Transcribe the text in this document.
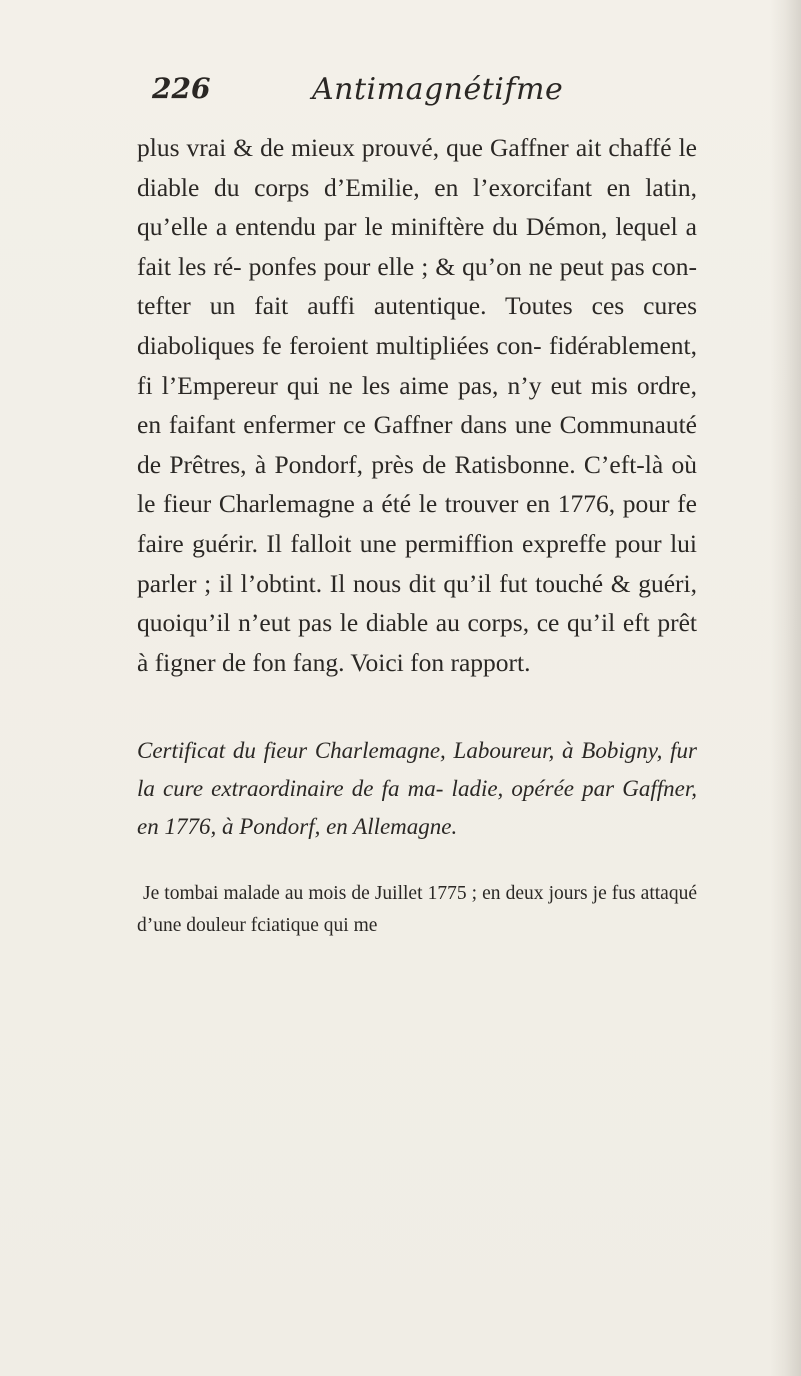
226	Antimagnétifme

plus vrai & de mieux prouvé, que Gaffner ait chaffé le diable du corps d’Emilie, en l’exorcifant en latin, qu’elle a entendu par le miniftère du Démon, lequel a fait les ré- ponfes pour elle ; & qu’on ne peut pas con- tefter un fait auffi autentique. Toutes ces cures diaboliques fe feroient multipliées con- fidérablement, fi l’Empereur qui ne les aime pas, n’y eut mis ordre, en faifant enfermer ce Gaffner dans une Communauté de Prêtres, à Pondorf, près de Ratisbonne. C’eft-là où le fieur Charlemagne a été le trouver en 1776, pour fe faire guérir. Il falloit une permiffion expreffe pour lui parler ; il l’obtint. Il nous dit qu’il fut touché & guéri, quoiqu’il n’eut pas le diable au corps, ce qu’il eft prêt à figner de fon fang. Voici fon rapport.

Certificat du fieur Charlemagne, Laboureur, à Bobigny, fur la cure extraordinaire de fa ma- ladie, opérée par Gaffner, en 1776, à Pondorf, en Allemagne.

Je tombai malade au mois de Juillet 1775 ; en deux jours je fus attaqué d’une douleur fciatique qui me
